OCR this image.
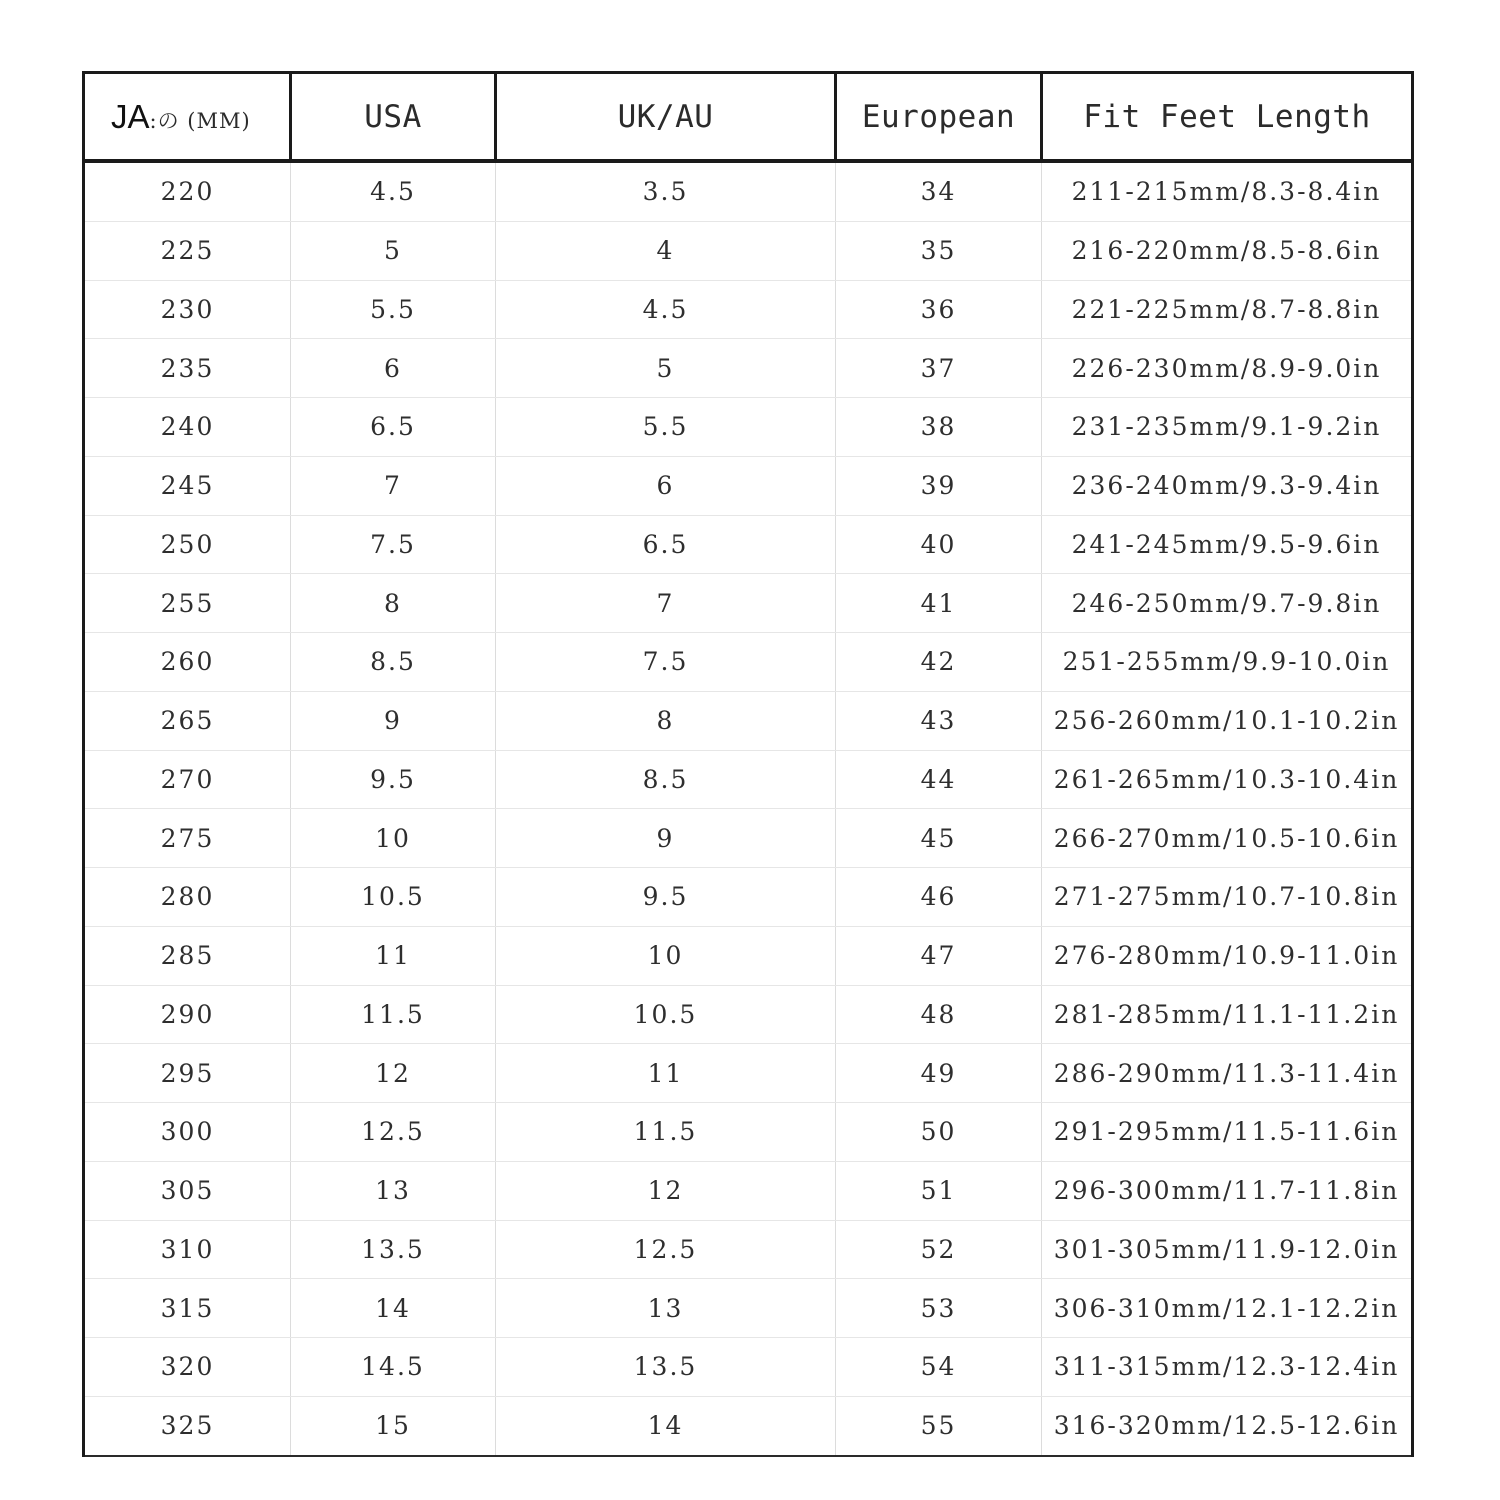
JA:の (MM)	USA	UK/AU	European	Fit Feet Length
220	4.5	3.5	34	211-215mm/8.3-8.4in
225	5	4	35	216-220mm/8.5-8.6in
230	5.5	4.5	36	221-225mm/8.7-8.8in
235	6	5	37	226-230mm/8.9-9.0in
240	6.5	5.5	38	231-235mm/9.1-9.2in
245	7	6	39	236-240mm/9.3-9.4in
250	7.5	6.5	40	241-245mm/9.5-9.6in
255	8	7	41	246-250mm/9.7-9.8in
260	8.5	7.5	42	251-255mm/9.9-10.0in
265	9	8	43	256-260mm/10.1-10.2in
270	9.5	8.5	44	261-265mm/10.3-10.4in
275	10	9	45	266-270mm/10.5-10.6in
280	10.5	9.5	46	271-275mm/10.7-10.8in
285	11	10	47	276-280mm/10.9-11.0in
290	11.5	10.5	48	281-285mm/11.1-11.2in
295	12	11	49	286-290mm/11.3-11.4in
300	12.5	11.5	50	291-295mm/11.5-11.6in
305	13	12	51	296-300mm/11.7-11.8in
310	13.5	12.5	52	301-305mm/11.9-12.0in
315	14	13	53	306-310mm/12.1-12.2in
320	14.5	13.5	54	311-315mm/12.3-12.4in
325	15	14	55	316-320mm/12.5-12.6in
